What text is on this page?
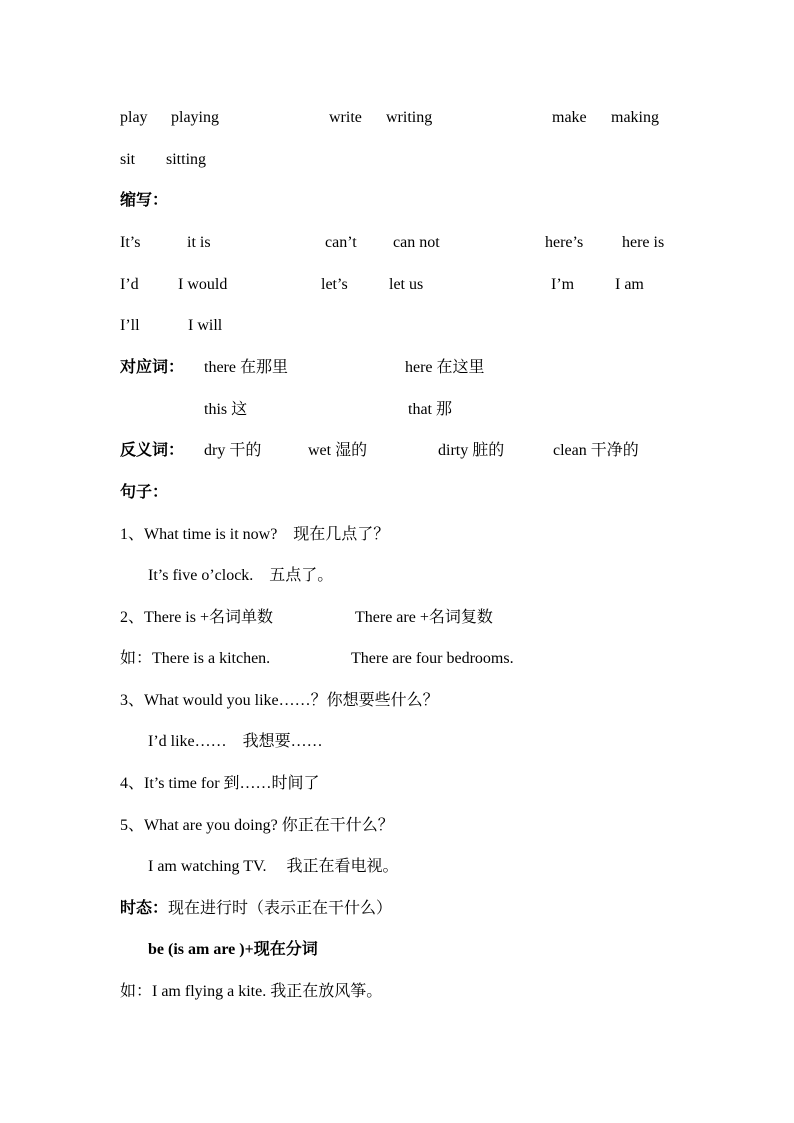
play playing	write writing	make making
sit sitting
缩写：
It’s	it is	can’t can not	here’s here is
I’d I would	let’s	let us	I’m	I am
I’ll	I will
对应词： there 在那里	here 在这里
this 这	that 那
反义词： dry 干的	wet 湿的	dirty 脏的	clean 干净的
句子：
1、What time is it now?　现在几点了？
It’s five o’clock.　五点了。
2、There is +名词单数	There are +名词复数
如：There is a kitchen.	There are four bedrooms.
3、What would you like……？你想要些什么？
I’d like……　我想要……
4、It’s time for 到……时间了
5、What are you doing? 你正在干什么？
I am watching TV.　 我正在看电视。
时态：现在进行时（表示正在干什么）
be (is am are )+现在分词
如：I am flying a kite. 我正在放风筝。
